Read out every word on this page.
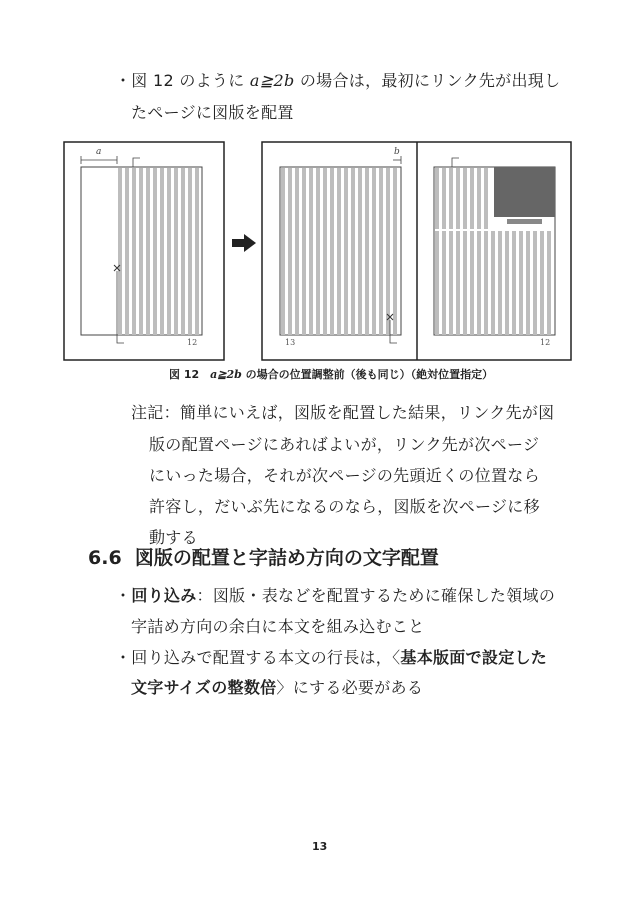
・図 12 のように a≧2b の場合は，最初にリンク先が出現し
たページに図版を配置
a	b
12	13	12
図 12　a≧2b の場合の位置調整前（後も同じ）（絶対位置指定）
注記：簡単にいえば，図版を配置した結果，リンク先が図
版の配置ページにあればよいが，リンク先が次ページ
にいった場合，それが次ページの先頭近くの位置なら
許容し，だいぶ先になるのなら，図版を次ページに移
動する
6.6 図版の配置と字詰め方向の文字配置
・回り込み：図版・表などを配置するために確保した領域の
字詰め方向の余白に本文を組み込むこと
・回り込みで配置する本文の行長は，〈基本版面で設定した
文字サイズの整数倍〉にする必要がある
13
